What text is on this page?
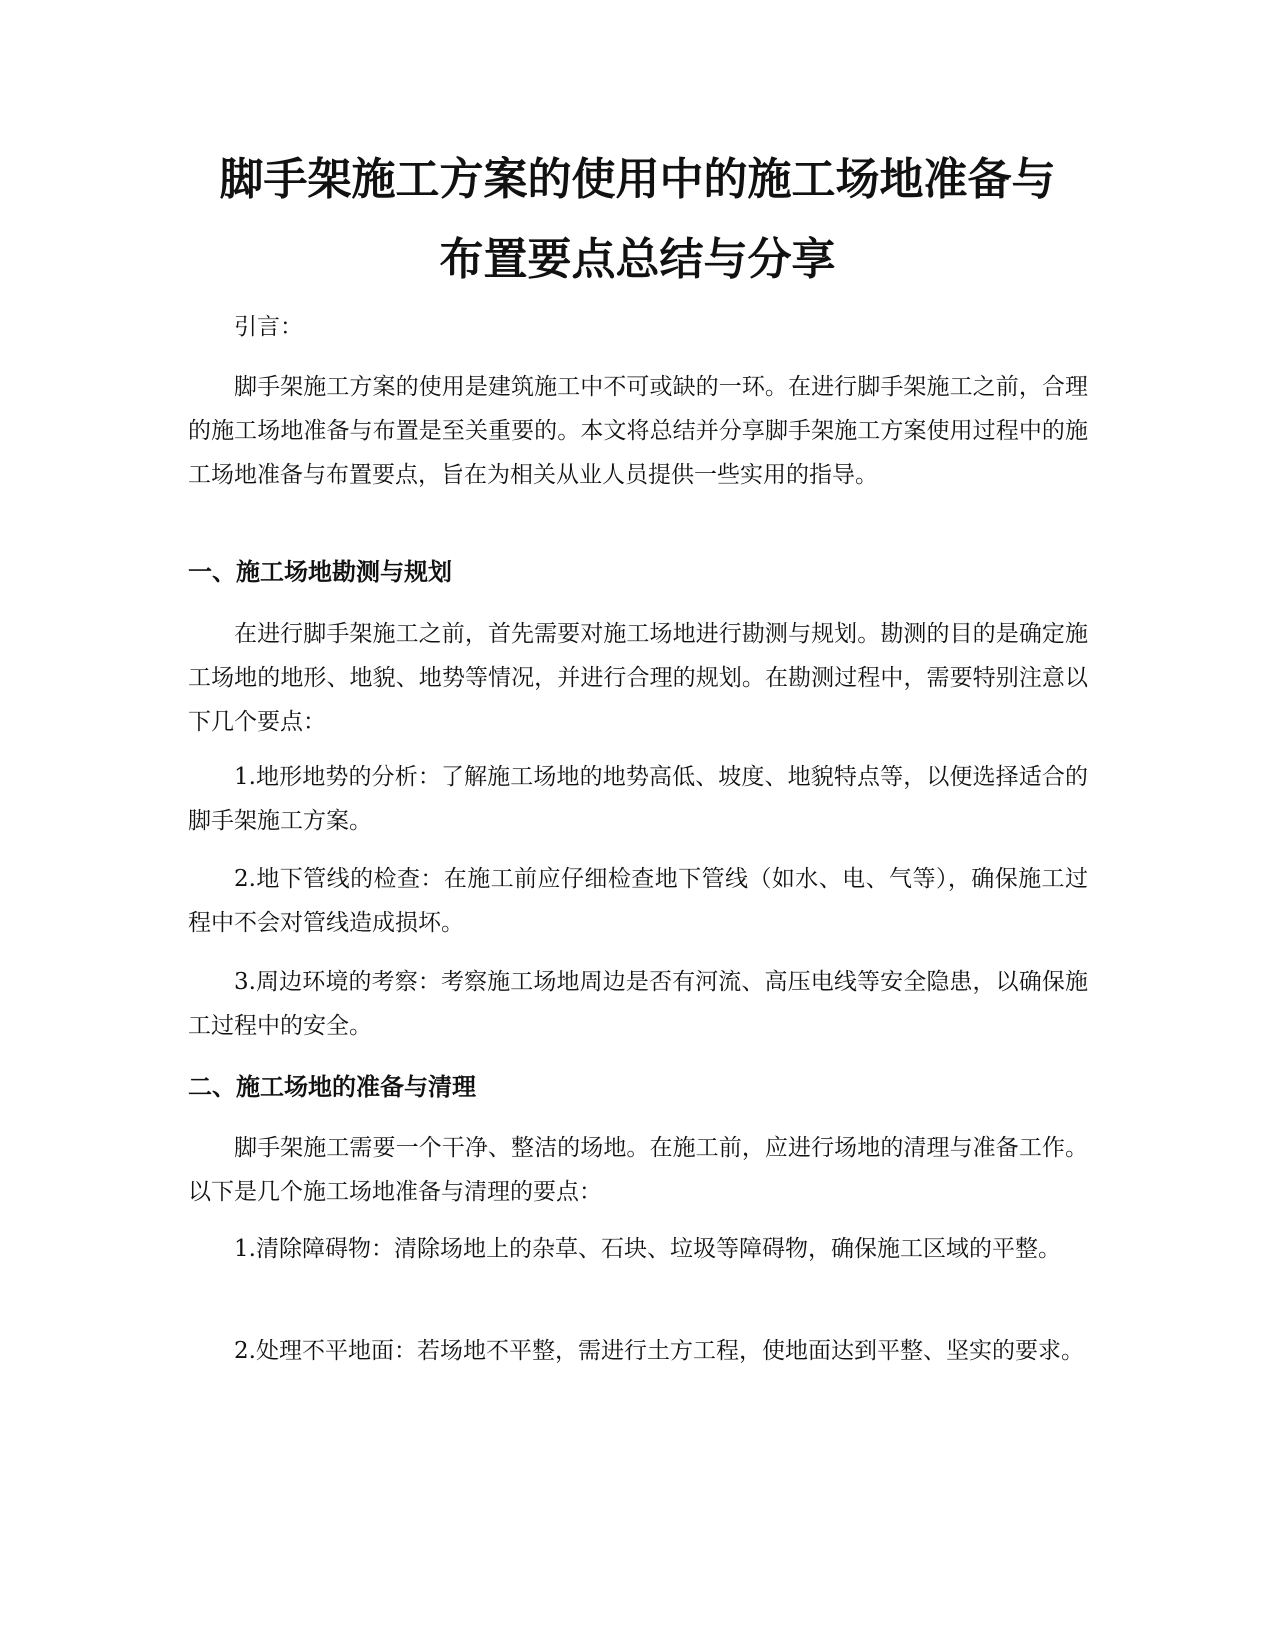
脚手架施工方案的使用中的施工场地准备与
布置要点总结与分享

引言：

脚手架施工方案的使用是建筑施工中不可或缺的一环。在进行脚手架施工之前，合理的施工场地准备与布置是至关重要的。本文将总结并分享脚手架施工方案使用过程中的施工场地准备与布置要点，旨在为相关从业人员提供一些实用的指导。

一、施工场地勘测与规划

在进行脚手架施工之前，首先需要对施工场地进行勘测与规划。勘测的目的是确定施工场地的地形、地貌、地势等情况，并进行合理的规划。在勘测过程中，需要特别注意以下几个要点：

1.地形地势的分析：了解施工场地的地势高低、坡度、地貌特点等，以便选择适合的脚手架施工方案。

2.地下管线的检查：在施工前应仔细检查地下管线（如水、电、气等），确保施工过程中不会对管线造成损坏。

3.周边环境的考察：考察施工场地周边是否有河流、高压电线等安全隐患，以确保施工过程中的安全。

二、施工场地的准备与清理

脚手架施工需要一个干净、整洁的场地。在施工前，应进行场地的清理与准备工作。以下是几个施工场地准备与清理的要点：

1.清除障碍物：清除场地上的杂草、石块、垃圾等障碍物，确保施工区域的平整。

2.处理不平地面：若场地不平整，需进行土方工程，使地面达到平整、坚实的要求。
